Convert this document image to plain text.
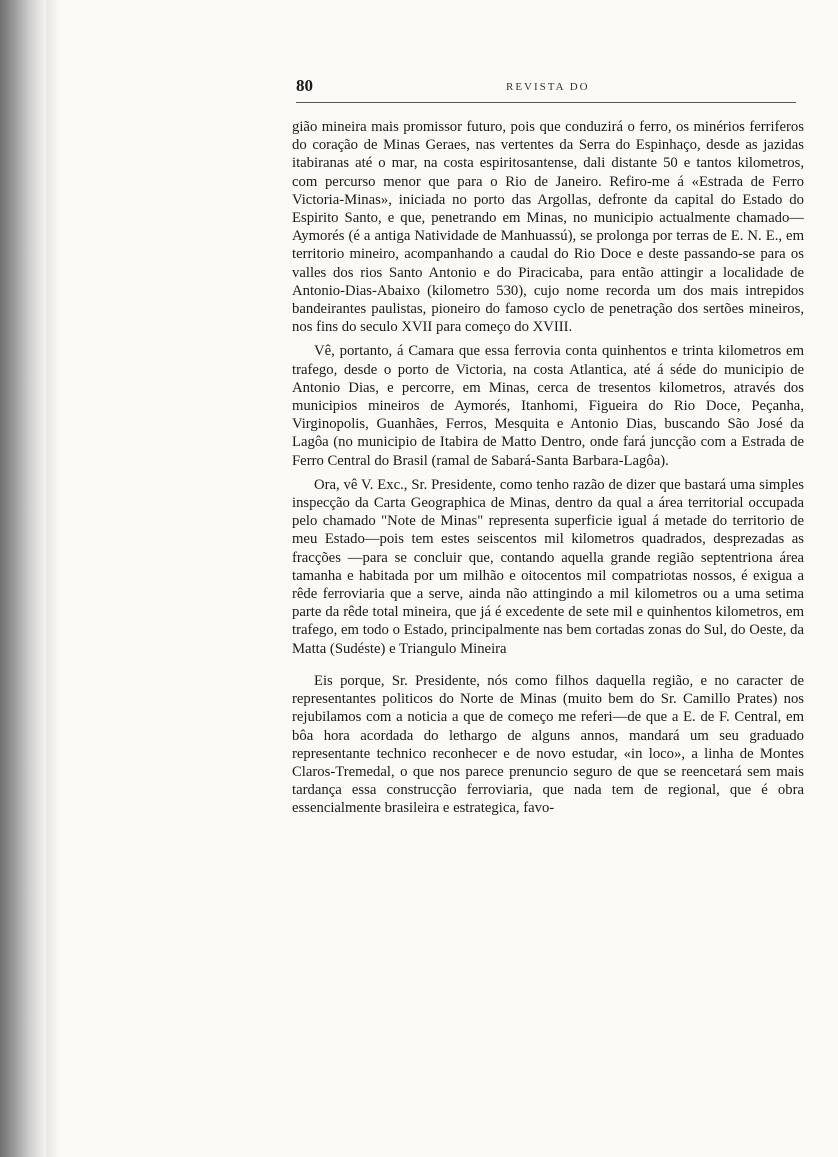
80	REVISTA DO

gião mineira mais promissor futuro, pois que conduzirá o ferro, os minérios ferriferos do coração de Minas Geraes, nas vertentes da Serra do Espinhaço, desde as jazidas itabiranas até o mar, na costa espiritosantense, dali distante 50 e tantos kilometros, com percurso menor que para o Rio de Janeiro. Refiro-me á «Estrada de Ferro Victoria-Minas», iniciada no porto das Argollas, defronte da capital do Estado do Espirito Santo, e que, penetrando em Minas, no municipio actualmente chamado—Aymorés (é a antiga Natividade de Manhuassú), se prolonga por terras de E. N. E., em territorio mineiro, acompanhando a caudal do Rio Doce e deste passando-se para os valles dos rios Santo Antonio e do Piracicaba, para então attingir a localidade de Antonio-Dias-Abaixo (kilometro 530), cujo nome recorda um dos mais intrepidos bandeirantes paulistas, pioneiro do famoso cyclo de penetração dos sertões mineiros, nos fins do seculo XVII para começo do XVIII.

Vê, portanto, á Camara que essa ferrovia conta quinhentos e trinta kilometros em trafego, desde o porto de Victoria, na costa Atlantica, até á séde do municipio de Antonio Dias, e percorre, em Minas, cerca de tresentos kilometros, através dos municipios mineiros de Aymorés, Itanhomi, Figueira do Rio Doce, Peçanha, Virginopolis, Guanhães, Ferros, Mesquita e Antonio Dias, buscando São José da Lagôa (no municipio de Itabira de Matto Dentro, onde fará juncção com a Estrada de Ferro Central do Brasil (ramal de Sabará-Santa Barbara-Lagôa).

Ora, vê V. Exc., Sr. Presidente, como tenho razão de dizer que bastará uma simples inspecção da Carta Geographica de Minas, dentro da qual a área territorial occupada pelo chamado "Note de Minas" representa superficie igual á metade do territorio de meu Estado—pois tem estes seiscentos mil kilometros quadrados, desprezadas as fracções —para se concluir que, contando aquella grande região septentriona área tamanha e habitada por um milhão e oitocentos mil compatriotas nossos, é exigua a rêde ferroviaria que a serve, ainda não attingindo a mil kilometros ou a uma setima parte da rêde total mineira, que já é excedente de sete mil e quinhentos kilometros, em trafego, em todo o Estado, principalmente nas bem cortadas zonas do Sul, do Oeste, da Matta (Sudéste) e Triangulo Mineira

Eis porque, Sr. Presidente, nós como filhos daquella região, e no caracter de representantes politicos do Norte de Minas (muito bem do Sr. Camillo Prates) nos rejubilamos com a noticia a que de começo me referi—de que a E. de F. Central, em bôa hora acordada do lethargo de alguns annos, mandará um seu graduado representante technico reconhecer e de novo estudar, «in loco», a linha de Montes Claros-Tremedal, o que nos parece prenuncio seguro de que se reencetará sem mais tardança essa construcção ferroviaria, que nada tem de regional, que é obra essencialmente brasileira e estrategica, favo-
